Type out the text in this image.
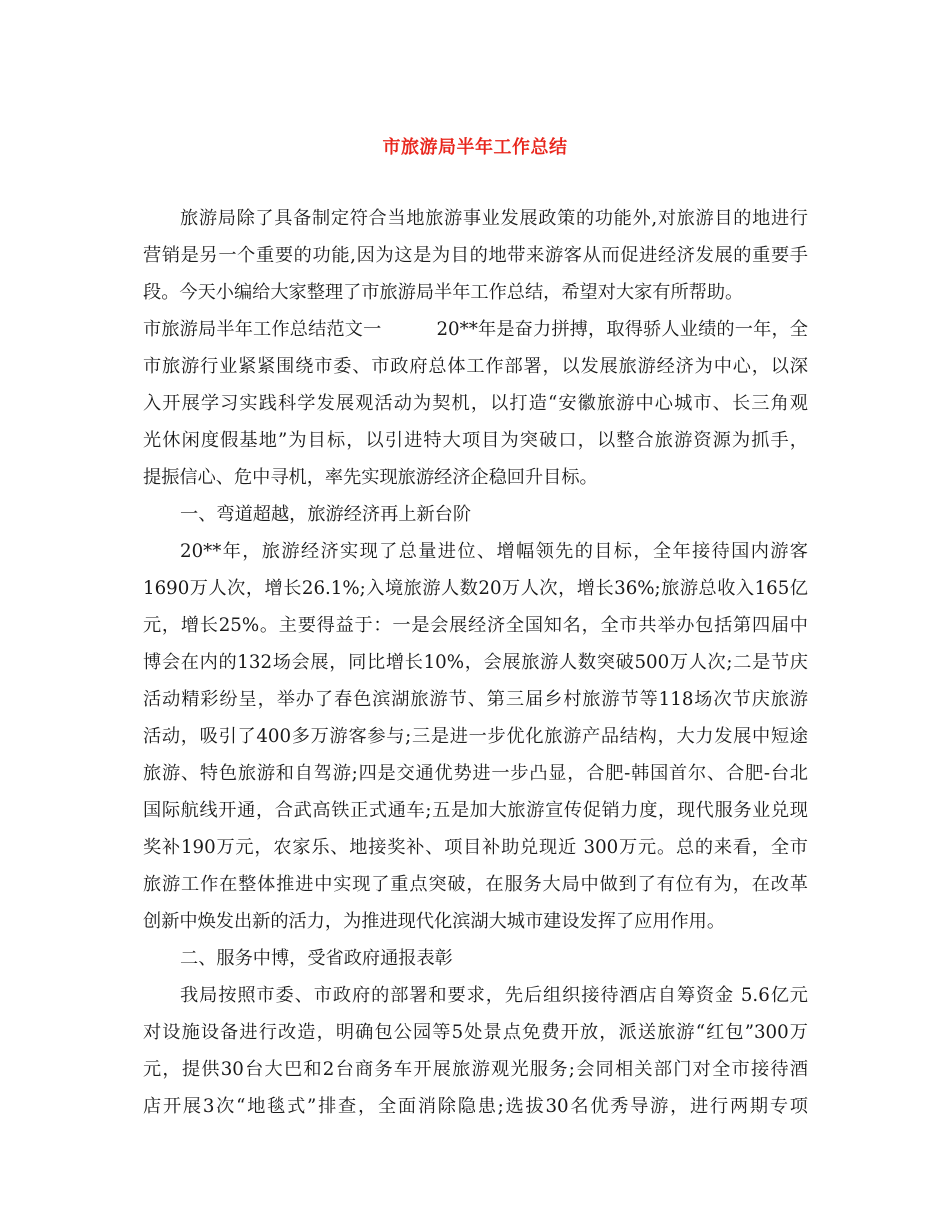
市旅游局半年工作总结
旅游局除了具备制定符合当地旅游事业发展政策的功能外,对旅游目的地进行
营销是另一个重要的功能,因为这是为目的地带来游客从而促进经济发展的重要手
段。今天小编给大家整理了市旅游局半年工作总结，希望对大家有所帮助。
市旅游局半年工作总结范文一　　　20**年是奋力拼搏，取得骄人业绩的一年，全
市旅游行业紧紧围绕市委、市政府总体工作部署，以发展旅游经济为中心，以深
入开展学习实践科学发展观活动为契机，以打造“安徽旅游中心城市、长三角观
光休闲度假基地”为目标，以引进特大项目为突破口，以整合旅游资源为抓手，
提振信心、危中寻机，率先实现旅游经济企稳回升目标。
一、弯道超越，旅游经济再上新台阶
20**年，旅游经济实现了总量进位、增幅领先的目标，全年接待国内游客
1690万人次，增长26.1%;入境旅游人数20万人次，增长36%;旅游总收入165亿
元，增长25%。主要得益于：一是会展经济全国知名，全市共举办包括第四届中
博会在内的132场会展，同比增长10%，会展旅游人数突破500万人次;二是节庆
活动精彩纷呈，举办了春色滨湖旅游节、第三届乡村旅游节等118场次节庆旅游
活动，吸引了400多万游客参与;三是进一步优化旅游产品结构，大力发展中短途
旅游、特色旅游和自驾游;四是交通优势进一步凸显，合肥-韩国首尔、合肥-台北
国际航线开通，合武高铁正式通车;五是加大旅游宣传促销力度，现代服务业兑现
奖补190万元，农家乐、地接奖补、项目补助兑现近 300万元。总的来看，全市
旅游工作在整体推进中实现了重点突破，在服务大局中做到了有位有为，在改革
创新中焕发出新的活力，为推进现代化滨湖大城市建设发挥了应用作用。
二、服务中博，受省政府通报表彰
我局按照市委、市政府的部署和要求，先后组织接待酒店自筹资金 5.6亿元
对设施设备进行改造，明确包公园等5处景点免费开放，派送旅游“红包”300万
元，提供30台大巴和2台商务车开展旅游观光服务;会同相关部门对全市接待酒
店开展3次“地毯式”排查，全面消除隐患;选拔30名优秀导游，进行两期专项
